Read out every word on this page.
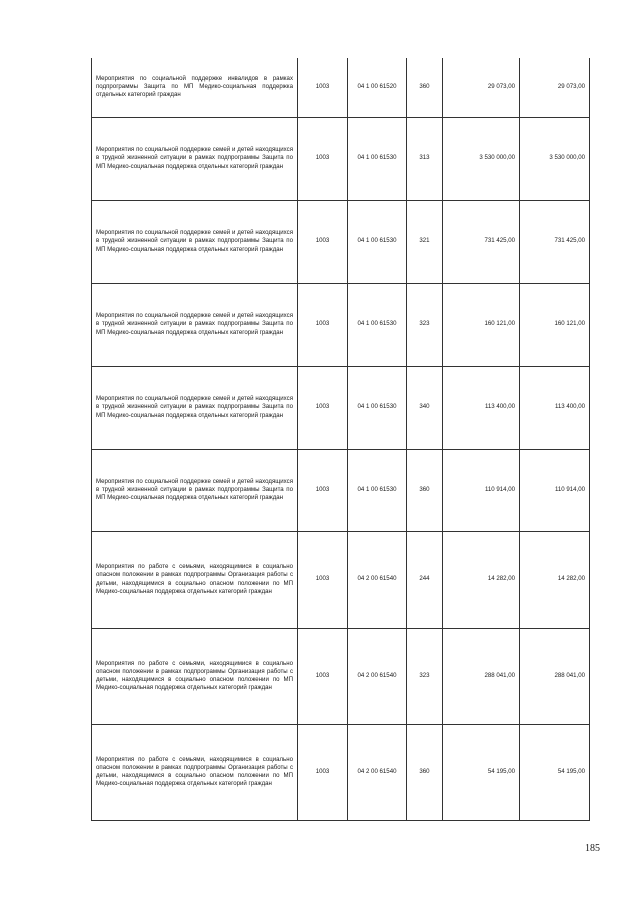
Мероприятия по социальной поддержке инвалидов в рамках подпрограммы Защита по МП Медико-социальная поддержка отдельных категорий граждан	1003	04 1 00 61520	360	29 073,00	29 073,00
Мероприятия по социальной поддержке семей и детей находящихся в трудной жизненной ситуации в рамках подпрограммы Защита по МП Медико-социальная поддержка отдельных категорий граждан	1003	04 1 00 61530	313	3 530 000,00	3 530 000,00
Мероприятия по социальной поддержке семей и детей находящихся в трудной жизненной ситуации в рамках подпрограммы Защита по МП Медико-социальная поддержка отдельных категорий граждан	1003	04 1 00 61530	321	731 425,00	731 425,00
Мероприятия по социальной поддержке семей и детей находящихся в трудной жизненной ситуации в рамках подпрограммы Защита по МП Медико-социальная поддержка отдельных категорий граждан	1003	04 1 00 61530	323	160 121,00	160 121,00
Мероприятия по социальной поддержке семей и детей находящихся в трудной жизненной ситуации в рамках подпрограммы Защита по МП Медико-социальная поддержка отдельных категорий граждан	1003	04 1 00 61530	340	113 400,00	113 400,00
Мероприятия по социальной поддержке семей и детей находящихся в трудной жизненной ситуации в рамках подпрограммы Защита по МП Медико-социальная поддержка отдельных категорий граждан	1003	04 1 00 61530	360	110 914,00	110 914,00
Мероприятия по работе с семьями, находящимися в социально опасном положении в рамках подпрограммы Организация работы с детьми, находящимися в социально опасном положении по МП Медико-социальная поддержка отдельных категорий граждан	1003	04 2 00 61540	244	14 282,00	14 282,00
Мероприятия по работе с семьями, находящимися в социально опасном положении в рамках подпрограммы Организация работы с детьми, находящимися в социально опасном положении по МП Медико-социальная поддержка отдельных категорий граждан	1003	04 2 00 61540	323	288 041,00	288 041,00
Мероприятия по работе с семьями, находящимися в социально опасном положении в рамках подпрограммы Организация работы с детьми, находящимися в социально опасном положении по МП Медико-социальная поддержка отдельных категорий граждан	1003	04 2 00 61540	360	54 195,00	54 195,00
185
